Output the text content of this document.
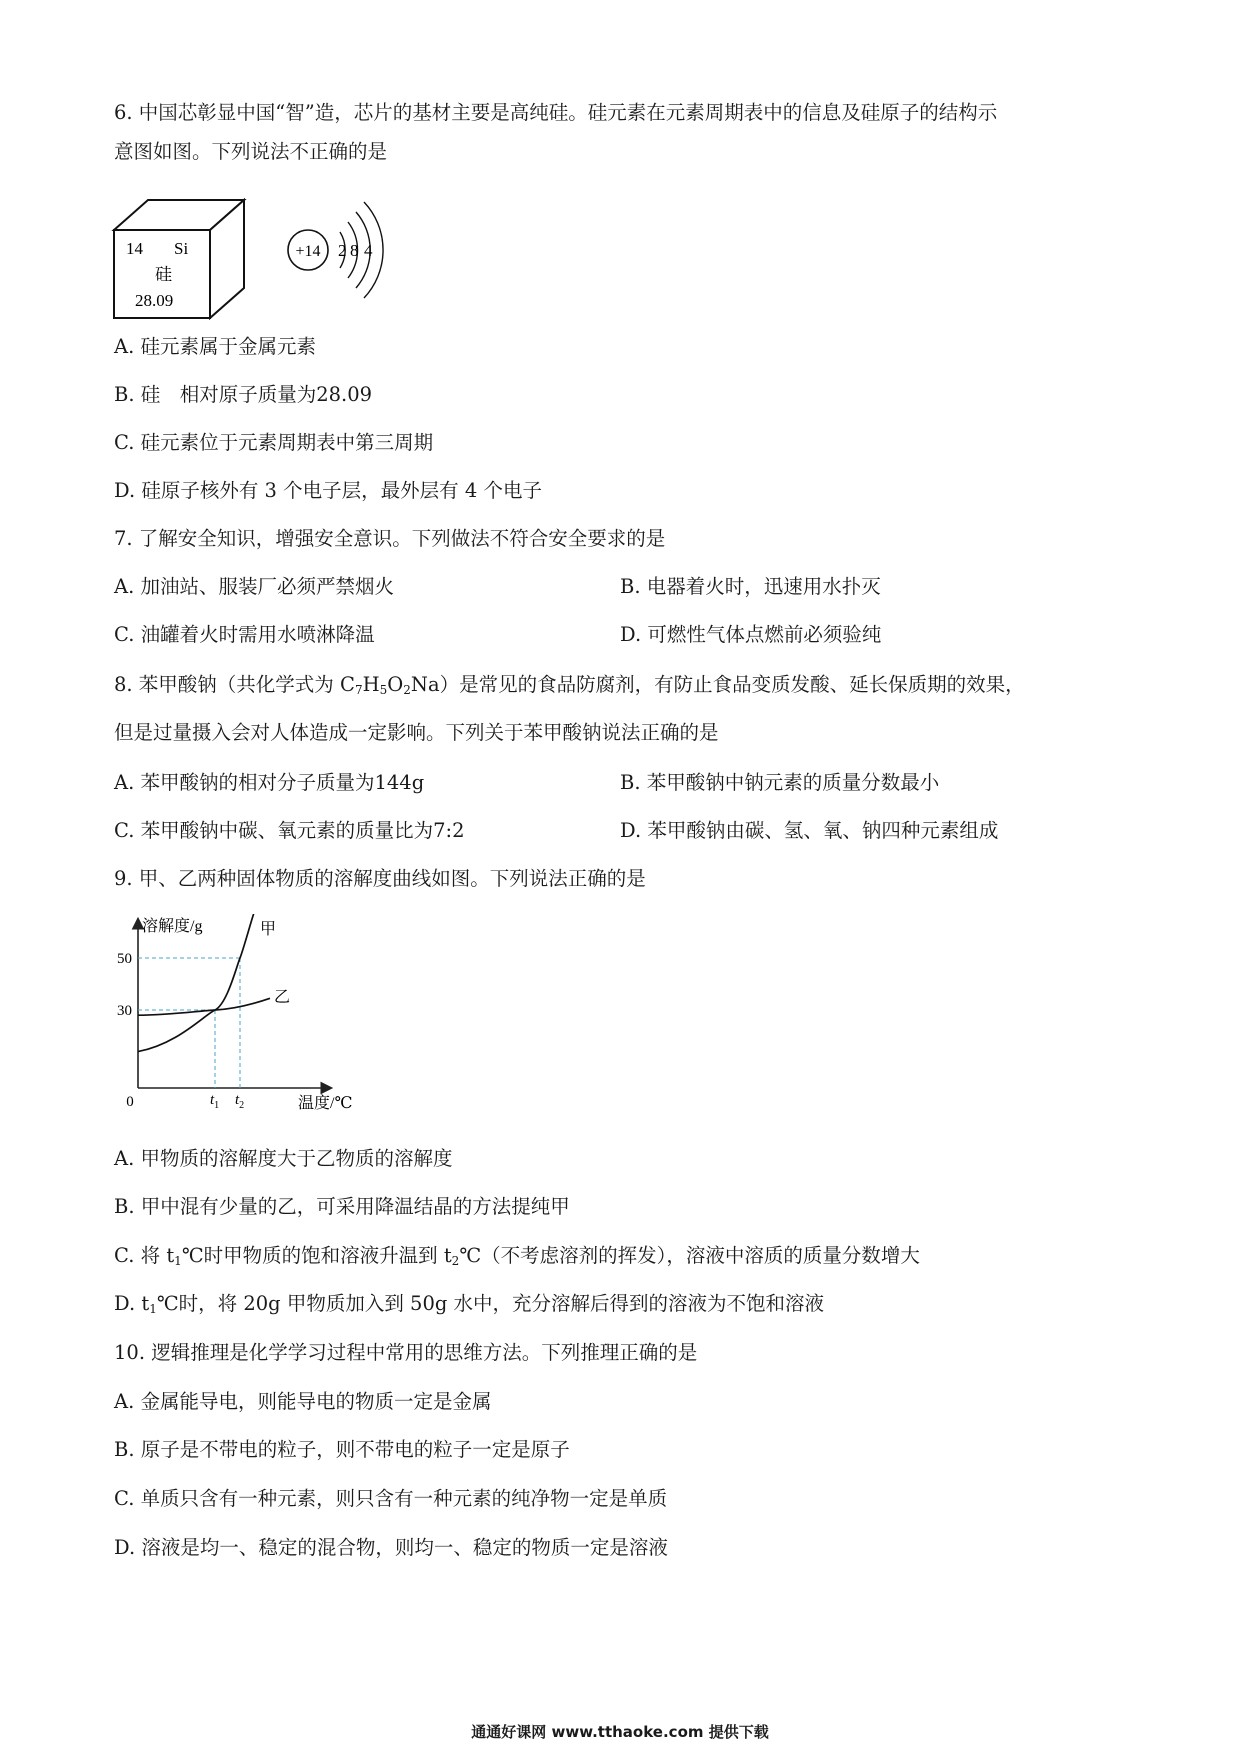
6. 中国芯彰显中国“智”造，芯片的基材主要是高纯硅。硅元素在元素周期表中的信息及硅原子的结构示
意图如图。下列说法不正确的是
14 Si
硅
28.09
+14 2 8 4
A. 硅元素属于金属元素
B. 硅　相对原子质量为28.09
C. 硅元素位于元素周期表中第三周期
D. 硅原子核外有 3 个电子层，最外层有 4 个电子
7. 了解安全知识，增强安全意识。下列做法不符合安全要求的是
A. 加油站、服装厂必须严禁烟火	B. 电器着火时，迅速用水扑灭
C. 油罐着火时需用水喷淋降温	D. 可燃性气体点燃前必须验纯
8. 苯甲酸钠（共化学式为 $C_7H_5O_2Na$）是常见的食品防腐剂，有防止食品变质发酸、延长保质期的效果，
但是过量摄入会对人体造成一定影响。下列关于苯甲酸钠说法正确的是
A. 苯甲酸钠的相对分子质量为144g	B. 苯甲酸钠中钠元素的质量分数最小
C. 苯甲酸钠中碳、氧元素的质量比为7:2	D. 苯甲酸钠由碳、氢、氧、钠四种元素组成
9. 甲、乙两种固体物质的溶解度曲线如图。下列说法正确的是
溶解度/g
温度/℃
0
甲
乙
30
50
$t_1$ $t_2$
A. 甲物质的溶解度大于乙物质的溶解度
B. 甲中混有少量的乙，可采用降温结晶的方法提纯甲
C. 将 $t_1℃$时甲物质的饱和溶液升温到 $t_2℃$（不考虑溶剂的挥发），溶液中溶质的质量分数增大
D. $t_1℃$时，将 20g 甲物质加入到 50g 水中，充分溶解后得到的溶液为不饱和溶液
10. 逻辑推理是化学学习过程中常用的思维方法。下列推理正确的是
A. 金属能导电，则能导电的物质一定是金属
B. 原子是不带电的粒子，则不带电的粒子一定是原子
C. 单质只含有一种元素，则只含有一种元素的纯净物一定是单质
D. 溶液是均一、稳定的混合物，则均一、稳定的物质一定是溶液
通通好课网 www.tthaoke.com 提供下载
